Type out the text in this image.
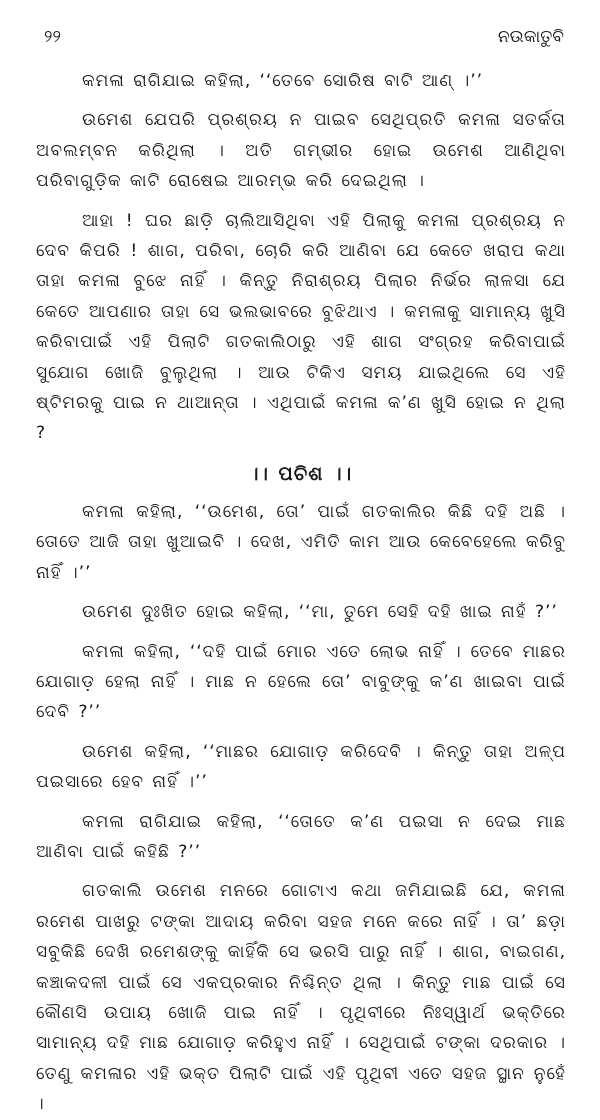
୨୨	ନଉକାତୁବି

କମଳା ରାଗିଯାଇ କହିଲା, ‘‘ତେବେ ସୋରିଷ ବାଟି ଆଣ୍ ।’’

ଉମେଶ ଯେପରି ପ୍ରଶ୍ରୟ ନ ପାଇବ ସେଥିପ୍ରତି କମଳା ସତର୍କତା ଅବଲମ୍ବନ କରିଥିଲା । ଅତି ଗମ୍ଭୀର ହୋଇ ଉମେଶ ଆଣିଥିବା ପରିବାଗୁଡ଼ିକ କାଟି ରୋଷେଇ ଆରମ୍ଭ କରି ଦେଇଥିଲା ।

ଆହା ! ଘର ଛାଡ଼ି ଚାଲିଆସିଥିବା ଏହି ପିଲାକୁ କମଳା ପ୍ରଶ୍ରୟ ନ ଦେବ କିପରି ! ଶାଗ, ପରିବା, ଚୋରି କରି ଆଣିବା ଯେ କେତେ ଖରାପ କଥା ତାହା କମଳା ବୁଝେ ନାହିଁ । କିନ୍ତୁ ନିରାଶ୍ରୟ ପିଲାର ନିର୍ଭର ଲାଳସା ଯେ କେତେ ଆପଣାର ତାହା ସେ ଭଲଭାବରେ ବୁଝିଥାଏ । କମଳାକୁ ସାମାନ୍ୟ ଖୁସି କରିବାପାଇଁ ଏହି ପିଲାଟି ଗତକାଲିଠାରୁ ଏହି ଶାଗ ସଂଗ୍ରହ କରିବାପାଇଁ ସୁଯୋଗ ଖୋଜି ବୁଲୁଥିଲା । ଆଉ ଟିକିଏ ସମୟ ଯାଇଥିଲେ ସେ ଏହି ଷ୍ଟିମରକୁ ପାଇ ନ ଥାଆନ୍ତା । ଏଥିପାଇଁ କମଳା କ’ଣ ଖୁସି ହୋଇ ନ ଥିଲା ?

।। ପଚିଶ ।।

କମଳା କହିଲା, ‘‘ଉମେଶ, ତୋ’ ପାଇଁ ଗତକାଲିର କିଛି ଦହି ଅଛି । ତୋତେ ଆଜି ତାହା ଖୁଆଇବି । ଦେଖ, ଏମିତି କାମ ଆଉ କେବେହେଲେ କରିବୁ ନାହିଁ ।’’

ଉମେଶ ଦୁଃଖିତ ହୋଇ କହିଲା, ‘‘ମା, ତୁମେ ସେହି ଦହି ଖାଇ ନାହଁ ?’’

କମଳା କହିଲା, ‘‘ଦହି ପାଇଁ ମୋର ଏତେ ଲୋଭ ନାହିଁ । ତେବେ ମାଛର ଯୋଗାଡ଼ ହେଲା ନାହିଁ । ମାଛ ନ ହେଲେ ତୋ’ ବାବୁଙ୍କୁ କ’ଣ ଖାଇବା ପାଇଁ ଦେବି ?’’

ଉମେଶ କହିଲା, ‘‘ମାଛର ଯୋଗାଡ଼ କରିଦେବି । କିନ୍ତୁ ତାହା ଅଳ୍ପ ପଇସାରେ ହେବ ନାହିଁ ।’’

କମଳା ରାଗିଯାଇ କହିଲା, ‘‘ତୋତେ କ’ଣ ପଇସା ନ ଦେଇ ମାଛ ଆଣିବା ପାଇଁ କହିଛି ?’’

ଗତକାଲି ଉମେଶ ମନରେ ଗୋଟାଏ କଥା ଜମିଯାଇଛି ଯେ, କମଳା ରମେଶ ପାଖରୁ ଟଙ୍କା ଆଦାୟ କରିବା ସହଜ ମନେ କରେ ନାହିଁ । ତା’ ଛଡ଼ା ସବୁକିଛି ଦେଖି ରମେଶଙ୍କୁ କାହିଁକି ସେ ଭରସି ପାରୁ ନାହିଁ । ଶାଗ, ବାଇଗଣ, କଞ୍ଚାକଦଳୀ ପାଇଁ ସେ ଏକପ୍ରକାର ନିଶ୍ଚିନ୍ତ ଥିଲା । କିନ୍ତୁ ମାଛ ପାଇଁ ସେ କୌଣସି ଉପାୟ ଖୋଜି ପାଇ ନାହିଁ । ପୃଥିବୀରେ ନିଃସ୍ୱାର୍ଥ ଭକ୍ତିରେ ସାମାନ୍ୟ ଦହି ମାଛ ଯୋଗାଡ଼ କରିହୁଏ ନାହିଁ । ସେଥିପାଇଁ ଟଙ୍କା ଦରକାର । ତେଣୁ କମଳାର ଏହି ଭକ୍ତ ପିଲାଟି ପାଇଁ ଏହି ପୃଥିବୀ ଏତେ ସହଜ ସ୍ଥାନ ନୁହେଁ ।
